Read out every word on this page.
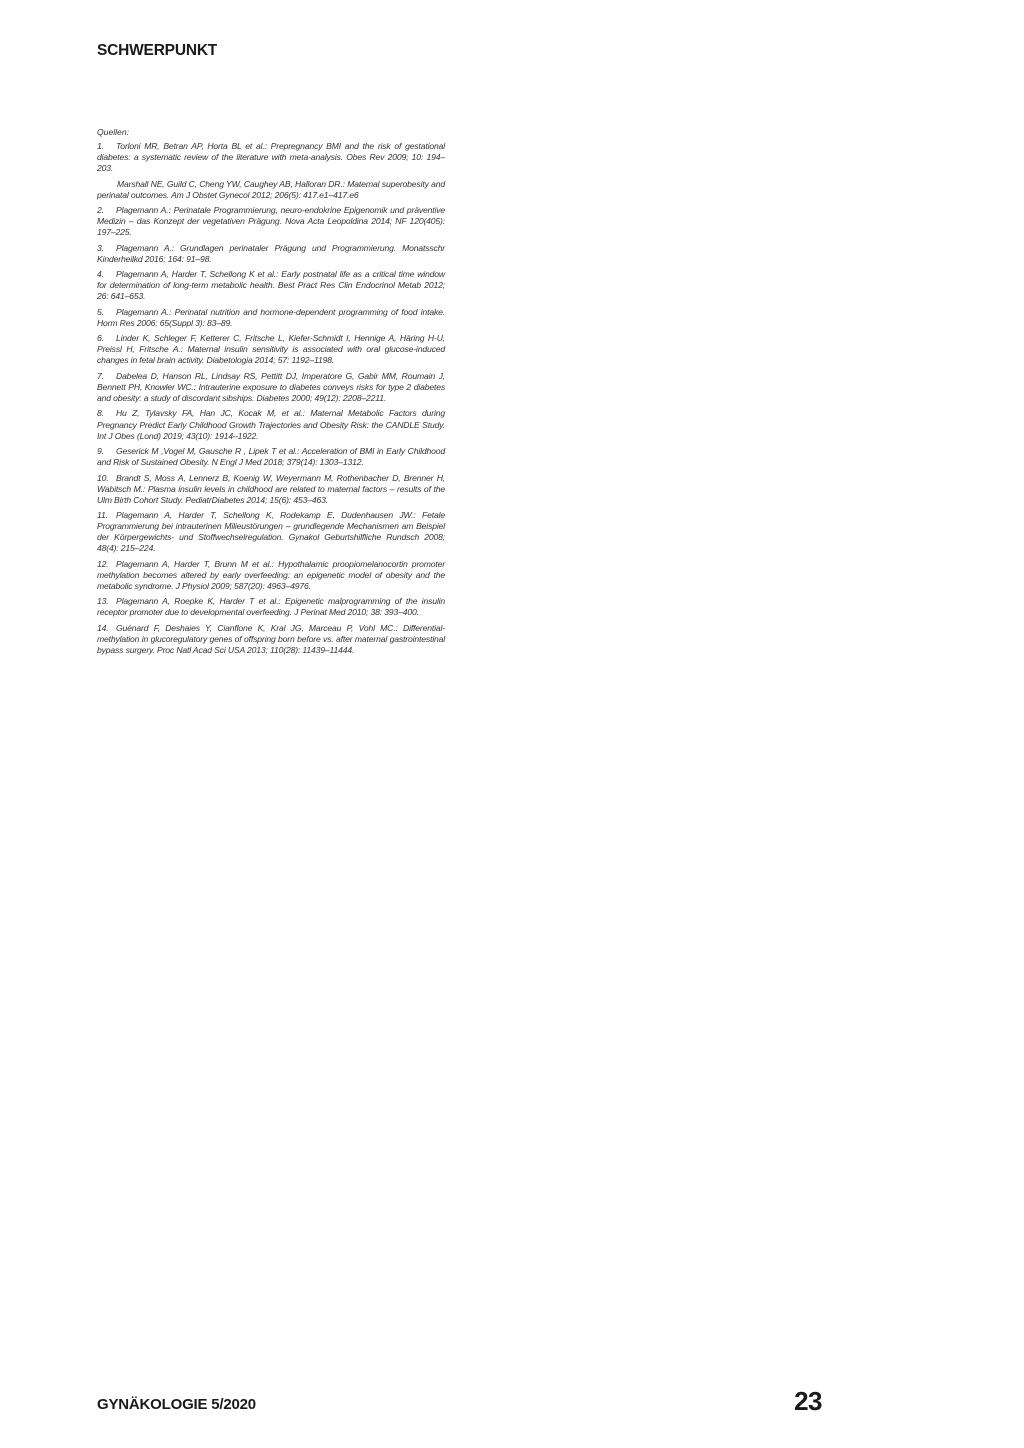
SCHWERPUNKT
Quellen:
1. Torloni MR, Betran AP, Horta BL et al.: Prepregnancy BMI and the risk of gestational diabetes: a systematic review of the literature with meta-analysis. Obes Rev 2009; 10: 194–203.
Marshall NE, Guild C, Cheng YW, Caughey AB, Halloran DR.: Maternal superobesity and perinatal outcomes. Am J Obstet Gynecol 2012; 206(5): 417.e1–417.e6
2. Plagemann A.: Perinatale Programmierung, neuro-endokrine Epigenomik und präventive Medizin – das Konzept der vegetativen Prägung. Nova Acta Leopoldina 2014; NF 120(405): 197–225.
3. Plagemann A.: Grundlagen perinataler Prägung und Programmierung. Monatsschr Kinderheilkd 2016; 164: 91–98.
4. Plagemann A, Harder T, Schellong K et al.: Early postnatal life as a critical time window for determination of long-term metabolic health. Best Pract Res Clin Endocrinol Metab 2012; 26: 641–653.
5. Plagemann A.: Perinatal nutrition and hormone-dependent programming of food intake. Horm Res 2006; 65(Suppl 3): 83–89.
6. Linder K, Schleger F, Ketterer C, Fritsche L, Kiefer-Schmidt I, Hennige A, Häring H-U, Preissl H, Fritsche A.: Maternal insulin sensitivity is associated with oral glucose-induced changes in fetal brain activity. Diabetologia 2014; 57: 1192–1198.
7. Dabelea D, Hanson RL, Lindsay RS, Pettitt DJ, Imperatore G, Gabir MM, Roumain J, Bennett PH, Knowler WC.: Intrauterine exposure to diabetes conveys risks for type 2 diabetes and obesity: a study of discordant sibships. Diabetes 2000; 49(12): 2208–2211.
8. Hu Z, Tylavsky FA, Han JC, Kocak M, et al.: Maternal Metabolic Factors during Pregnancy Predict Early Childhood Growth Trajectories and Obesity Risk: the CANDLE Study. Int J Obes (Lond) 2019; 43(10): 1914–1922.
9. Geserick M ,Vogel M, Gausche R , Lipek T et al.: Acceleration of BMI in Early Childhood and Risk of Sustained Obesity. N Engl J Med 2018; 379(14): 1303–1312.
10. Brandt S, Moss A, Lennerz B, Koenig W, Weyermann M, Rothenbacher D, Brenner H, Wabitsch M.: Plasma insulin levels in childhood are related to maternal factors – results of the Ulm Birth Cohort Study. PediatrDiabetes 2014; 15(6): 453–463.
11. Plagemann A, Harder T, Schellong K, Rodekamp E, Dudenhausen JW.: Fetale Programmierung bei intrauterinen Milieustörungen – grundlegende Mechanismen am Beispiel der Körpergewichts- und Stoffwechselregulation. Gynakol Geburtshilfliche Rundsch 2008; 48(4): 215–224.
12. Plagemann A, Harder T, Brunn M et al.: Hypothalamic proopiomelanocortin promoter methylation becomes altered by early overfeeding: an epigenetic model of obesity and the metabolic syndrome. J Physiol 2009; 587(20): 4963–4976.
13. Plagemann A, Roepke K, Harder T et al.: Epigenetic malprogramming of the insulin receptor promoter due to developmental overfeeding. J Perinat Med 2010; 38: 393–400.
14. Guénard F, Deshaies Y, Cianflone K, Kral JG, Marceau P, Vohl MC.: Differential-methylation in glucoregulatory genes of offspring born before vs. after maternal gastrointestinal bypass surgery. Proc Natl Acad Sci USA 2013; 110(28): 11439–11444.
GYNÄKOLOGIE 5/2020	23
